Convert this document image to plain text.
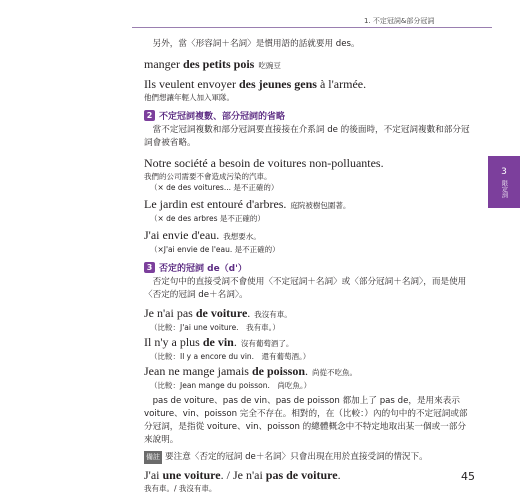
1. 不定冠詞&部分冠詞
3
限定詞
另外，當〈形容詞＋名詞〉是慣用語的話就要用 des。
manger des petits pois 吃豌豆
Ils veulent envoyer des jeunes gens à l'armée.
他們想讓年輕人加入軍隊。
2 不定冠詞複數、部分冠詞的省略
當不定冠詞複數和部分冠詞要直接接在介系詞 de 的後面時，不定冠詞複數和部分冠詞會被省略。
Notre société a besoin de voitures non-polluantes.
我們的公司需要不會造成污染的汽車。
（× de des voitures... 是不正確的）
Le jardin est entouré d'arbres. 庭院被樹包圍著。
（× de des arbres 是不正確的）
J'ai envie d'eau. 我想要水。
（×J'ai envie de l'eau. 是不正確的）
3 否定的冠詞 de（d'）
否定句中的直接受詞不會使用〈不定冠詞＋名詞〉或〈部分冠詞＋名詞〉，而是使用〈否定的冠詞 de＋名詞〉。
Je n'ai pas de voiture. 我沒有車。
（比較：J'ai une voiture.　我有車。）
Il n'y a plus de vin. 沒有葡萄酒了。
（比較：Il y a encore du vin.　還有葡萄酒。）
Jean ne mange jamais de poisson. 尚從不吃魚。
（比較：Jean mange du poisson.　尚吃魚。）
pas de voiture、pas de vin、pas de poisson 都加上了 pas de，是用來表示 voiture、vin、poisson 完全不存在。相對的，在（比較：）內的句中的不定冠詞或部分冠詞，是指從 voiture、vin、poisson 的總體概念中不特定地取出某一個或一部分來說明。
備註 要注意〈否定的冠詞 de＋名詞〉只會出現在用於直接受詞的情況下。
J'ai une voiture. / Je n'ai pas de voiture.
我有車。/ 我沒有車。
45
